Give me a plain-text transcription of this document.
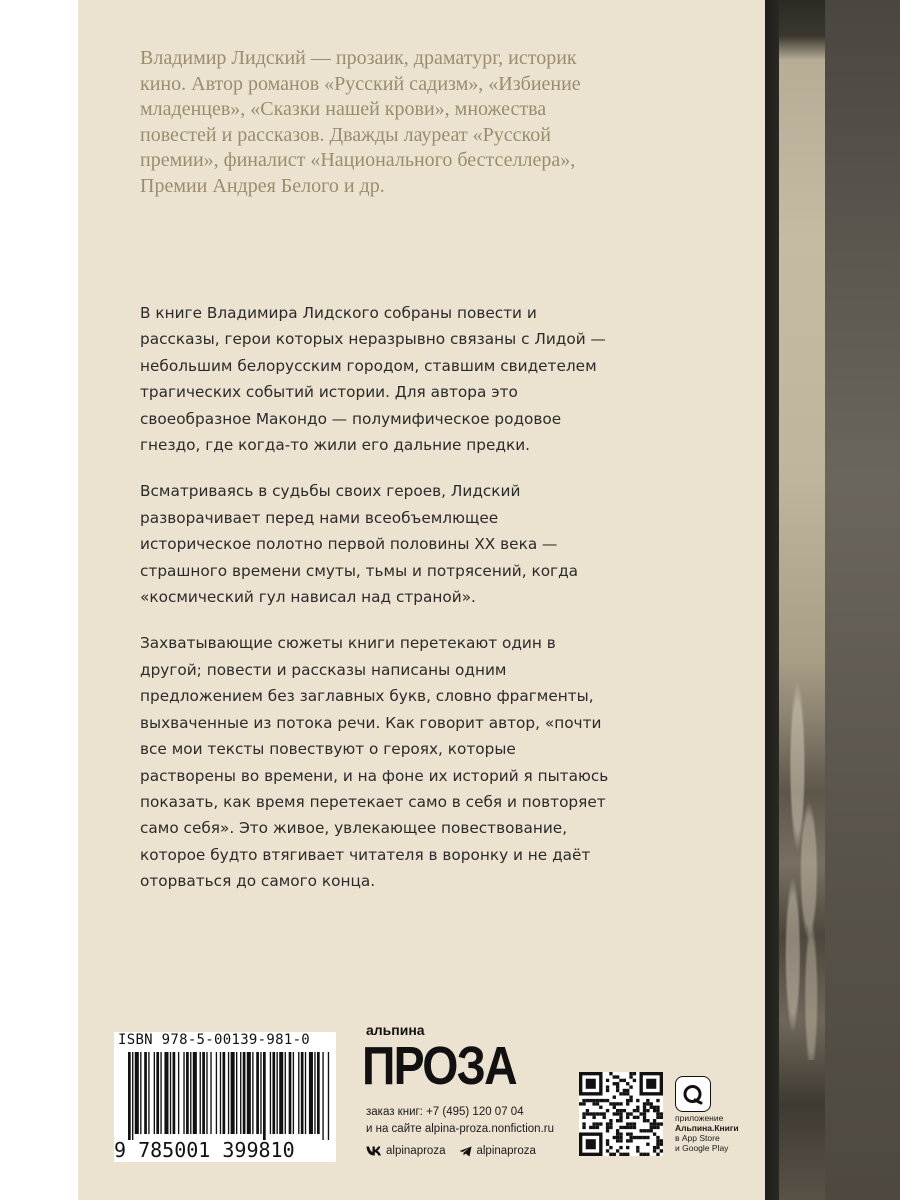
Владимир Лидский — прозаик, драматург, историк кино. Автор романов «Русский садизм», «Избиение младенцев», «Сказки нашей крови», множества повестей и рассказов. Дважды лауреат «Русской премии», финалист «Национального бестселлера», Премии Андрея Белого и др.

В книге Владимира Лидского собраны повести и рассказы, герои которых неразрывно связаны с Лидой — небольшим белорусским городом, ставшим свидетелем трагических событий истории. Для автора это своеобразное Макондо — полумифическое родовое гнездо, где когда-то жили его дальние предки.

Всматриваясь в судьбы своих героев, Лидский разворачивает перед нами всеобъемлющее историческое полотно первой половины XX века — страшного времени смуты, тьмы и потрясений, когда «космический гул нависал над страной».

Захватывающие сюжеты книги перетекают один в другой; повести и рассказы написаны одним предложением без заглавных букв, словно фрагменты, выхваченные из потока речи. Как говорит автор, «почти все мои тексты повествуют о героях, которые растворены во времени, и на фоне их историй я пытаюсь показать, как время перетекает само в себя и повторяет само себя». Это живое, увлекающее повествование, которое будто втягивает читателя в воронку и не даёт оторваться до самого конца.

ISBN 978-5-00139-981-0
9 785001 399810
альпина
ПРОЗА
заказ книг: +7 (495) 120 07 04
и на сайте alpina-proza.nonfiction.ru
alpinaproza	alpinaproza
приложение
Альпина.Книги
в App Store
и Google Play
